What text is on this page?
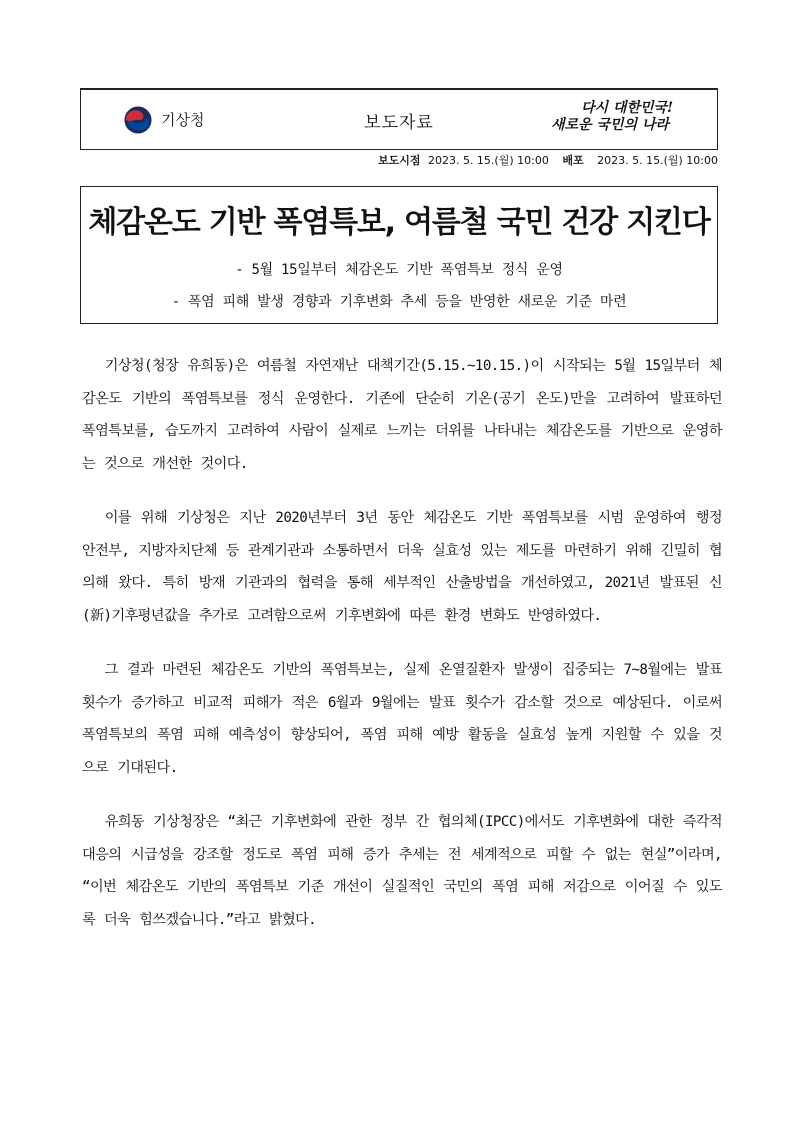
기상청	보도자료
다시 대한민국!
새로운 국민의 나라
보도시점 2023. 5. 15.(월) 10:00 배포 2023. 5. 15.(월) 10:00
체감온도 기반 폭염특보, 여름철 국민 건강 지킨다
- 5월 15일부터 체감온도 기반 폭염특보 정식 운영
- 폭염 피해 발생 경향과 기후변화 추세 등을 반영한 새로운 기준 마련

기상청(청장 유희동)은 여름철 자연재난 대책기간(5.15.~10.15.)이 시작되는 5월 15일부터 체감온도 기반의 폭염특보를 정식 운영한다. 기존에 단순히 기온(공기 온도)만을 고려하여 발표하던 폭염특보를, 습도까지 고려하여 사람이 실제로 느끼는 더위를 나타내는 체감온도를 기반으로 운영하는 것으로 개선한 것이다.

이를 위해 기상청은 지난 2020년부터 3년 동안 체감온도 기반 폭염특보를 시범 운영하여 행정안전부, 지방자치단체 등 관계기관과 소통하면서 더욱 실효성 있는 제도를 마련하기 위해 긴밀히 협의해 왔다. 특히 방재 기관과의 협력을 통해 세부적인 산출방법을 개선하였고, 2021년 발표된 신(新)기후평년값을 추가로 고려함으로써 기후변화에 따른 환경 변화도 반영하였다.

그 결과 마련된 체감온도 기반의 폭염특보는, 실제 온열질환자 발생이 집중되는 7~8월에는 발표 횟수가 증가하고 비교적 피해가 적은 6월과 9월에는 발표 횟수가 감소할 것으로 예상된다. 이로써 폭염특보의 폭염 피해 예측성이 향상되어, 폭염 피해 예방 활동을 실효성 높게 지원할 수 있을 것으로 기대된다.

유희동 기상청장은 “최근 기후변화에 관한 정부 간 협의체(IPCC)에서도 기후변화에 대한 즉각적 대응의 시급성을 강조할 정도로 폭염 피해 증가 추세는 전 세계적으로 피할 수 없는 현실”이라며, “이번 체감온도 기반의 폭염특보 기준 개선이 실질적인 국민의 폭염 피해 저감으로 이어질 수 있도록 더욱 힘쓰겠습니다.”라고 밝혔다.
